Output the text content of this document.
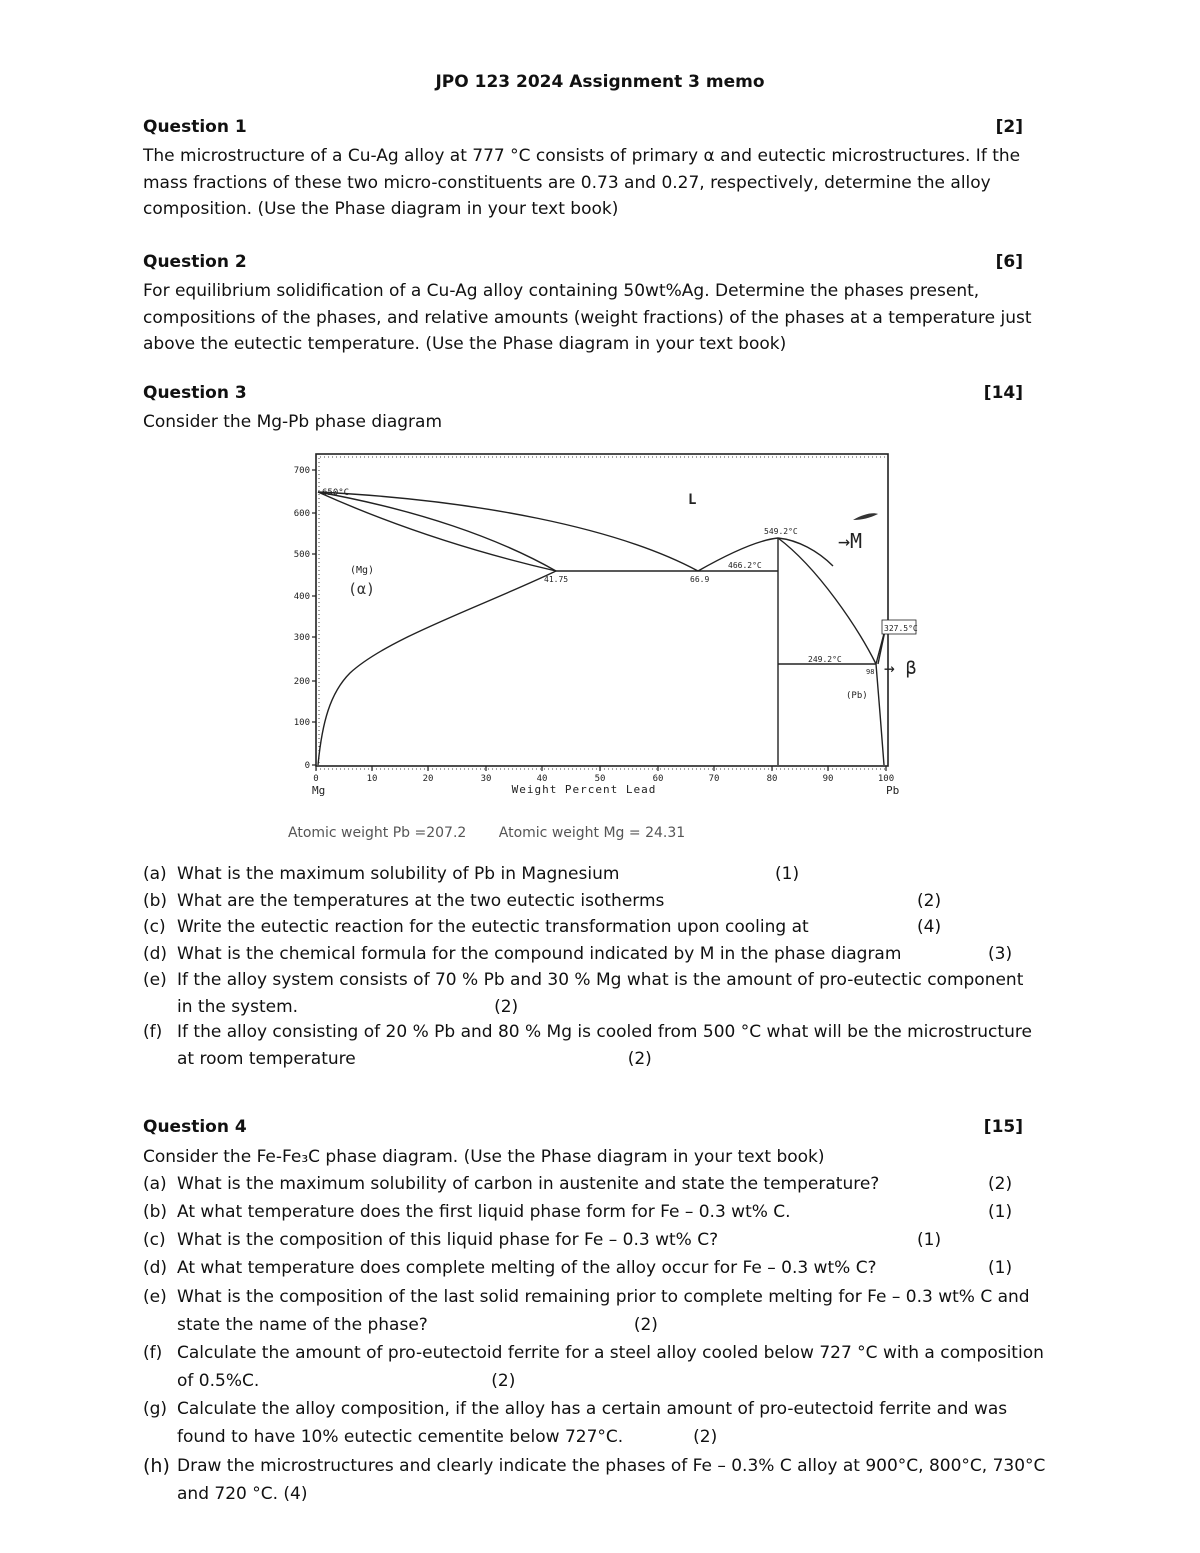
JPO 123 2024 Assignment 3 memo
Question 1	[2]
The microstructure of a Cu-Ag alloy at 777 °C consists of primary α and eutectic microstructures. If the
mass fractions of these two micro-constituents are 0.73 and 0.27, respectively, determine the alloy
composition. (Use the Phase diagram in your text book)
Question 2	[6]
For equilibrium solidification of a Cu-Ag alloy containing 50wt%Ag. Determine the phases present,
compositions of the phases, and relative amounts (weight fractions) of the phases at a temperature just
above the eutectic temperature. (Use the Phase diagram in your text book)
Question 3	[14]
Consider the Mg-Pb phase diagram
700
600
500
400
300
200
100
0
0	10	20	30	40	50	60	70	80	90	100
Mg	Pb
Weight Percent Lead
650°C	L
(Mg)
(α)
41.75	66.9
466.2°C
549.2°C →M
327.5°C
249.2°C
98 → β
(Pb)
Atomic weight Pb =207.2 Atomic weight Mg = 24.31
(a) What is the maximum solubility of Pb in Magnesium	(1)
(b) What are the temperatures at the two eutectic isotherms	(2)
(c) Write the eutectic reaction for the eutectic transformation upon cooling at	(4)
(d) What is the chemical formula for the compound indicated by M in the phase diagram	(3)
(e) If the alloy system consists of 70 % Pb and 30 % Mg what is the amount of pro-eutectic component
in the system.	(2)
(f) If the alloy consisting of 20 % Pb and 80 % Mg is cooled from 500 °C what will be the microstructure
at room temperature	(2)
Question 4	[15]
Consider the Fe-Fe₃C phase diagram. (Use the Phase diagram in your text book)
(a) What is the maximum solubility of carbon in austenite and state the temperature?	(2)
(b) At what temperature does the first liquid phase form for Fe – 0.3 wt% C.	(1)
(c) What is the composition of this liquid phase for Fe – 0.3 wt% C?	(1)
(d) At what temperature does complete melting of the alloy occur for Fe – 0.3 wt% C?	(1)
(e) What is the composition of the last solid remaining prior to complete melting for Fe – 0.3 wt% C and
state the name of the phase?	(2)
(f) Calculate the amount of pro-eutectoid ferrite for a steel alloy cooled below 727 °C with a composition
of 0.5%C.	(2)
(g) Calculate the alloy composition, if the alloy has a certain amount of pro-eutectoid ferrite and was
found to have 10% eutectic cementite below 727°C.	(2)
(h) Draw the microstructures and clearly indicate the phases of Fe – 0.3% C alloy at 900°C, 800°C, 730°C
and 720 °C. (4)
